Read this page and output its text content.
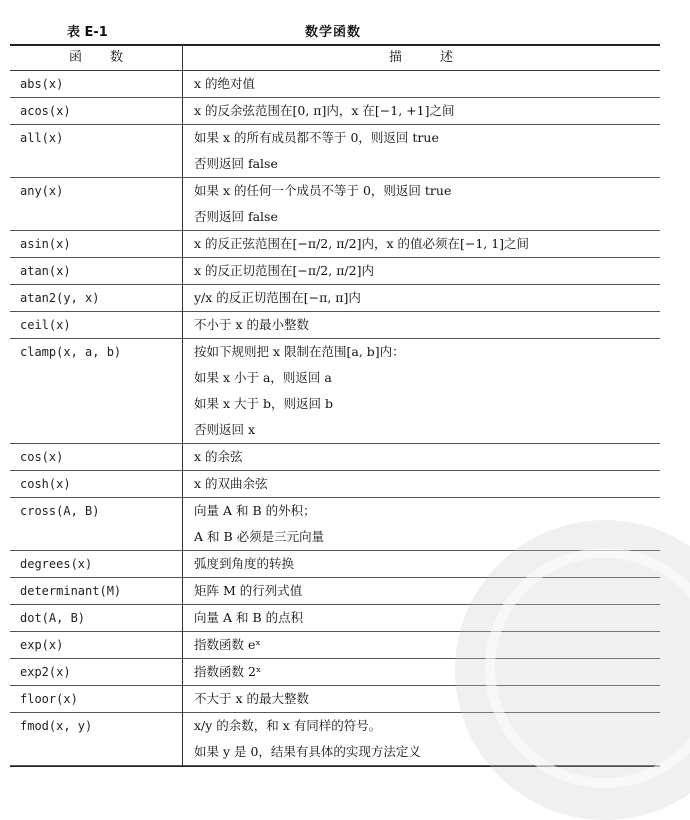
表 E-1	数学函数
函数	描述
abs(x)	x 的绝对值
acos(x)	x 的反余弦范围在[0, π]内，x 在[−1, +1]之间
all(x)	如果 x 的所有成员都不等于 0，则返回 true
否则返回 false
any(x)	如果 x 的任何一个成员不等于 0，则返回 true
否则返回 false
asin(x)	x 的反正弦范围在[−π/2, π/2]内，x 的值必须在[−1, 1]之间
atan(x)	x 的反正切范围在[−π/2, π/2]内
atan2(y, x)	y/x 的反正切范围在[−π, π]内
ceil(x)	不小于 x 的最小整数
clamp(x, a, b)	按如下规则把 x 限制在范围[a, b]内：
如果 x 小于 a，则返回 a
如果 x 大于 b，则返回 b
否则返回 x
cos(x)	x 的余弦
cosh(x)	x 的双曲余弦
cross(A, B)	向量 A 和 B 的外积；
A 和 B 必须是三元向量
degrees(x)	弧度到角度的转换
determinant(M)	矩阵 M 的行列式值
dot(A, B)	向量 A 和 B 的点积
exp(x)	指数函数 eˣ
exp2(x)	指数函数 2ˣ
floor(x)	不大于 x 的最大整数
fmod(x, y)	x/y 的余数，和 x 有同样的符号。
如果 y 是 0，结果有具体的实现方法定义
